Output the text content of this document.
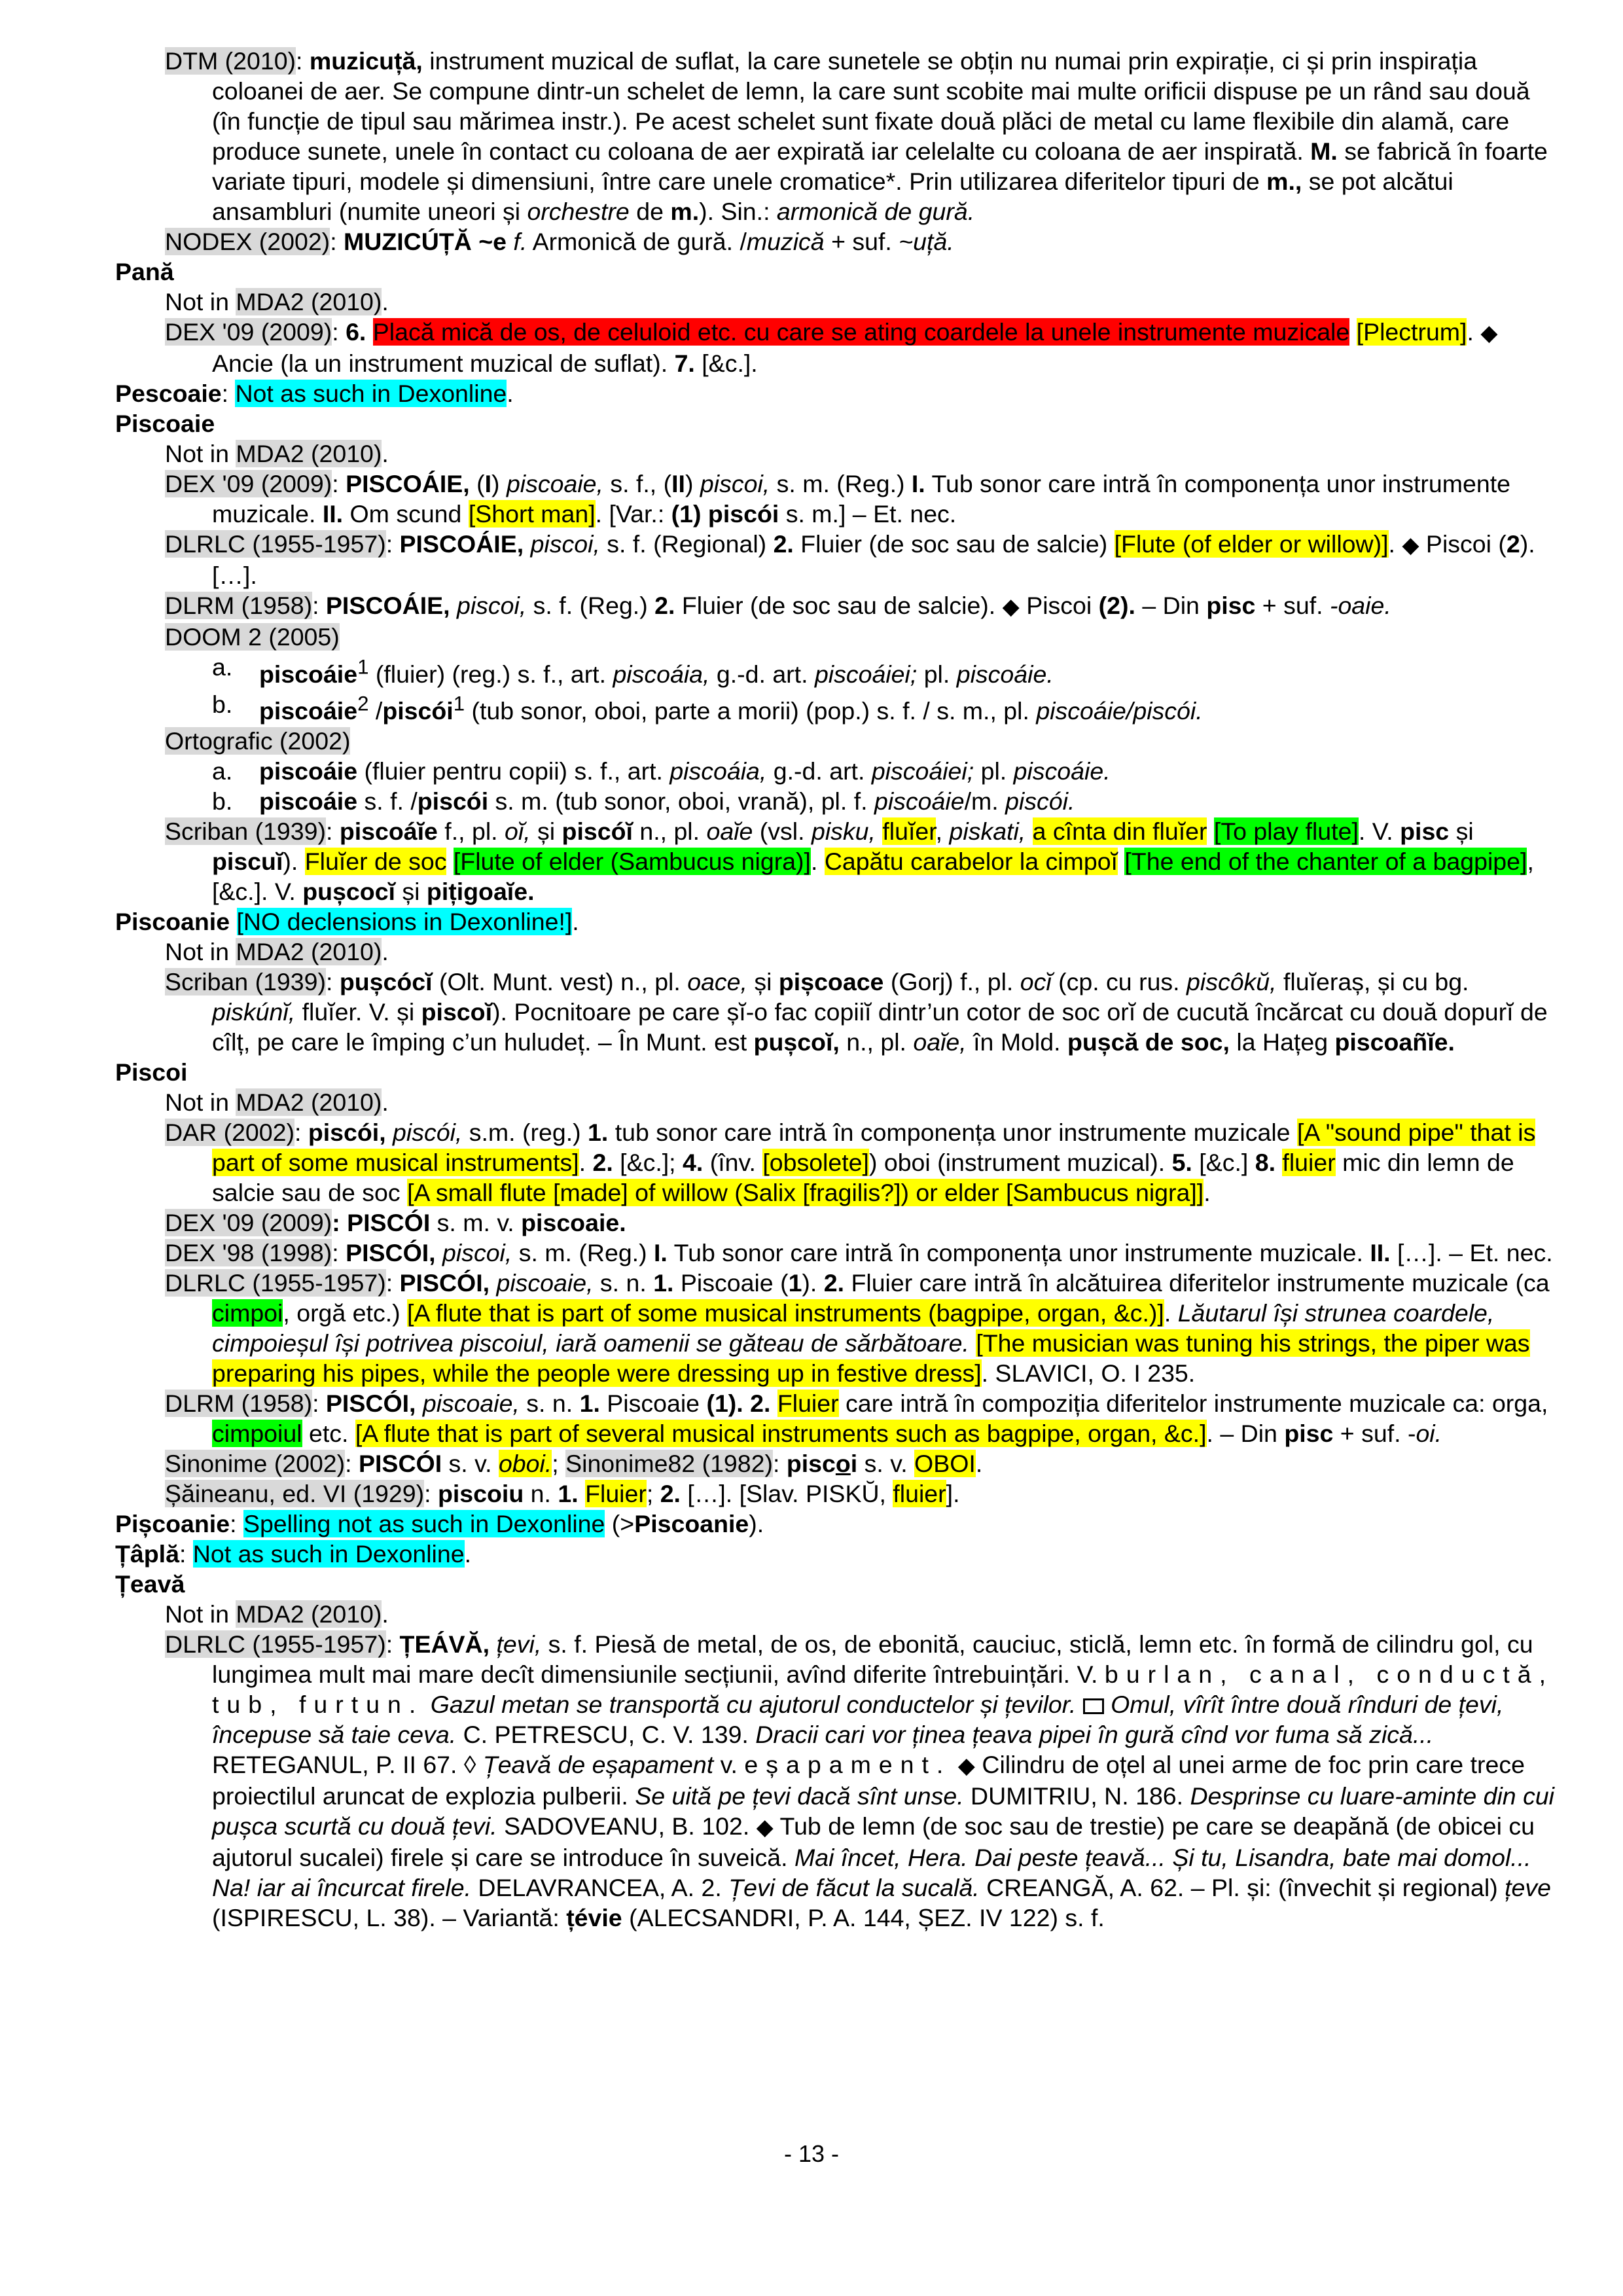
DTM (2010): muzicuță, instrument muzical de suflat, la care sunetele se obțin nu numai prin expirație, ci și prin inspirația coloanei de aer. Se compune dintr-un schelet de lemn, la care sunt scobite mai multe orificii dispuse pe un rând sau două (în funcție de tipul sau mărimea instr.). Pe acest schelet sunt fixate două plăci de metal cu lame flexibile din alamă, care produce sunete, unele în contact cu coloana de aer expirată iar celelalte cu coloana de aer inspirată. M. se fabrică în foarte variate tipuri, modele și dimensiuni, între care unele cromatice*. Prin utilizarea diferitelor tipuri de m., se pot alcătui ansambluri (numite uneori și orchestre de m.). Sin.: armonică de gură.

NODEX (2002): MUZICÚȚĂ ~e f. Armonică de gură. /muzică + suf. ~uță.

Pană

Not in MDA2 (2010).

DEX '09 (2009): 6. Placă mică de os, de celuloid etc. cu care se ating coardele la unele instrumente muzicale [Plectrum]. ◆ Ancie (la un instrument muzical de suflat). 7. [&c.].

Pescoaie: Not as such in Dexonline.

Piscoaie

Not in MDA2 (2010).

DEX '09 (2009): PISCOÁIE, (I) piscoaie, s. f., (II) piscoi, s. m. (Reg.) I. Tub sonor care intră în componența unor instrumente muzicale. II. Om scund [Short man]. [Var.: (1) piscói s. m.] – Et. nec.

DLRLC (1955-1957): PISCOÁIE, piscoi, s. f. (Regional) 2. Fluier (de soc sau de salcie) [Flute (of elder or willow)]. ◆ Piscoi (2). […].

DLRM (1958): PISCOÁIE, piscoi, s. f. (Reg.) 2. Fluier (de soc sau de salcie). ◆ Piscoi (2). – Din pisc + suf. -oaie.

DOOM 2 (2005)

a. piscoáie$^1$ (fluier) (reg.) s. f., art. piscoáia, g.-d. art. piscoáiei; pl. piscoáie.

b. piscoáie$^2$ /piscói$^1$ (tub sonor, oboi, parte a morii) (pop.) s. f. / s. m., pl. piscoáie/piscói.

Ortografic (2002)

a. piscoáie (fluier pentru copii) s. f., art. piscoáia, g.-d. art. piscoáiei; pl. piscoáie.

b. piscoáie s. f. /piscói s. m. (tub sonor, oboi, vrană), pl. f. piscoáie/m. piscói.

Scriban (1939): piscoáĭe f., pl. oĭ, și piscóĭ n., pl. oaĭe (vsl. pisku, fluĭer, piskati, a cînta din fluĭer [To play flute]. V. pisc și piscuĭ). Fluĭer de soc [Flute of elder (Sambucus nigra)]. Capătu carabelor la cimpoĭ [The end of the chanter of a bagpipe], [&c.]. V. pușcocĭ și pițigoaĭe.

Piscoanie [NO declensions in Dexonline!].

Not in MDA2 (2010).

Scriban (1939): pușcócĭ (Olt. Munt. vest) n., pl. oace, și pișcoace (Gorj) f., pl. ocĭ (cp. cu rus. piscôkŭ, fluĭeraș, și cu bg. piskúnĭ, fluĭer. V. și piscoĭ). Pocnitoare pe care șĭ-o fac copiiĭ dintr’un cotor de soc orĭ de cucută încărcat cu două dopurĭ de cîlț, pe care le împing c’un huludeț. – În Munt. est pușcoĭ, n., pl. oaĭe, în Mold. pușcă de soc, la Hațeg piscoañĭe.

Piscoi

Not in MDA2 (2010).

DAR (2002): piscói, piscói, s.m. (reg.) 1. tub sonor care intră în componența unor instrumente muzicale [A "sound pipe" that is part of some musical instruments]. 2. [&c.]; 4. (înv. [obsolete]) oboi (instrument muzical). 5. [&c.] 8. fluier mic din lemn de salcie sau de soc [A small flute [made] of willow (Salix [fragilis?]) or elder [Sambucus nigra]].

DEX '09 (2009): PISCÓI s. m. v. piscoaie.

DEX '98 (1998): PISCÓI, piscoi, s. m. (Reg.) I. Tub sonor care intră în componența unor instrumente muzicale. II. […]. – Et. nec.

DLRLC (1955-1957): PISCÓI, piscoaie, s. n. 1. Piscoaie (1). 2. Fluier care intră în alcătuirea diferitelor instrumente muzicale (ca cimpoi, orgă etc.) [A flute that is part of some musical instruments (bagpipe, organ, &c.)]. Lăutarul își strunea coardele, cimpoieșul își potrivea piscoiul, iară oamenii se găteau de sărbătoare. [The musician was tuning his strings, the piper was preparing his pipes, while the people were dressing up in festive dress]. SLAVICI, O. I 235.

DLRM (1958): PISCÓI, piscoaie, s. n. 1. Piscoaie (1). 2. Fluier care intră în compoziția diferitelor instrumente muzicale ca: orga, cimpoiul etc. [A flute that is part of several musical instruments such as bagpipe, organ, &c.]. – Din pisc + suf. -oi.

Sinonime (2002): PISCÓI s. v. oboi.; Sinonime82 (1982): piscoi s. v. OBOI.

Șăineanu, ed. VI (1929): piscoiu n. 1. Fluier; 2. […]. [Slav. PISKŬ, fluier].

Pișcoanie: Spelling not as such in Dexonline (>Piscoanie).

Țâplă: Not as such in Dexonline.

Țeavă

Not in MDA2 (2010).

DLRLC (1955-1957): ȚEÁVĂ, țevi, s. f. Piesă de metal, de os, de ebonită, cauciuc, sticlă, lemn etc. în formă de cilindru gol, cu lungimea mult mai mare decît dimensiunile secțiunii, avînd diferite întrebuințări. V. burlan, canal, conductă, tub, furtun. Gazul metan se transportă cu ajutorul conductelor și țevilor. Omul, vîrît între două rînduri de țevi, începuse să taie ceva. C. PETRESCU, C. V. 139. Dracii cari vor ținea țeava pipei în gură cînd vor fuma să zică... RETEGANUL, P. II 67. ◊ Țeavă de eșapament v. eșapament. ◆ Cilindru de oțel al unei arme de foc prin care trece proiectilul aruncat de explozia pulberii. Se uită pe țevi dacă sînt unse. DUMITRIU, N. 186. Desprinse cu luare-aminte din cui pușca scurtă cu două țevi. SADOVEANU, B. 102. ◆ Tub de lemn (de soc sau de trestie) pe care se deapănă (de obicei cu ajutorul sucalei) firele și care se introduce în suveică. Mai încet, Hera. Dai peste țeavă... Și tu, Lisandra, bate mai domol... Na! iar ai încurcat firele. DELAVRANCEA, A. 2. Țevi de făcut la sucală. CREANGĂ, A. 62. – Pl. și: (învechit și regional) țeve (ISPIRESCU, L. 38). – Variantă: țévie (ALECSANDRI, P. A. 144, ȘEZ. IV 122) s. f.

- 13 -
